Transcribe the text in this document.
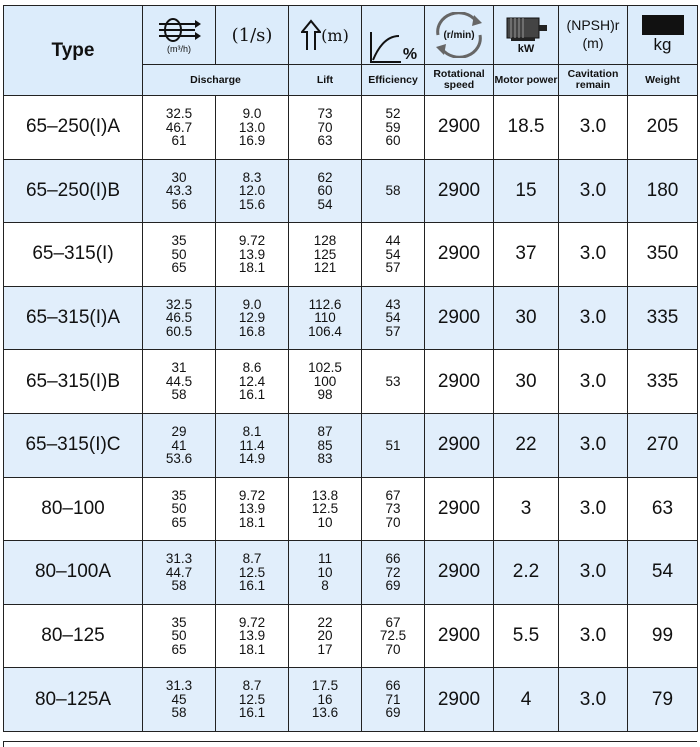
Type	(m³/h)	(1/s)	(m)	%	(r/min)	kW	(NPSH)r (m)	kg

	Discharge		Lift	Efficiency	Rotational speed	Motor power	Cavitation remain	Weight
65–250(I)A	32.5
46.7
61	9.0
13.0
16.9	73
70
63	52
59
60	2900	18.5	3.0	205
65–250(I)B	30
43.3
56	8.3
12.0
15.6	62
60
54	58	2900	15	3.0	180
65–315(I)	35
50
65	9.72
13.9
18.1	128
125
121	44
54
57	2900	37	3.0	350
65–315(I)A	32.5
46.5
60.5	9.0
12.9
16.8	112.6
110
106.4	43
54
57	2900	30	3.0	335
65–315(I)B	31
44.5
58	8.6
12.4
16.1	102.5
100
98	53	2900	30	3.0	335
65–315(I)C	29
41
53.6	8.1
11.4
14.9	87
85
83	51	2900	22	3.0	270
80–100	35
50
65	9.72
13.9
18.1	13.8
12.5
10	67
73
70	2900	3	3.0	63
80–100A	31.3
44.7
58	8.7
12.5
16.1	11
10
8	66
72
69	2900	2.2	3.0	54
80–125	35
50
65	9.72
13.9
18.1	22
20
17	67
72.5
70	2900	5.5	3.0	99
80–125A	31.3
45
58	8.7
12.5
16.1	17.5
16
13.6	66
71
69	2900	4	3.0	79
